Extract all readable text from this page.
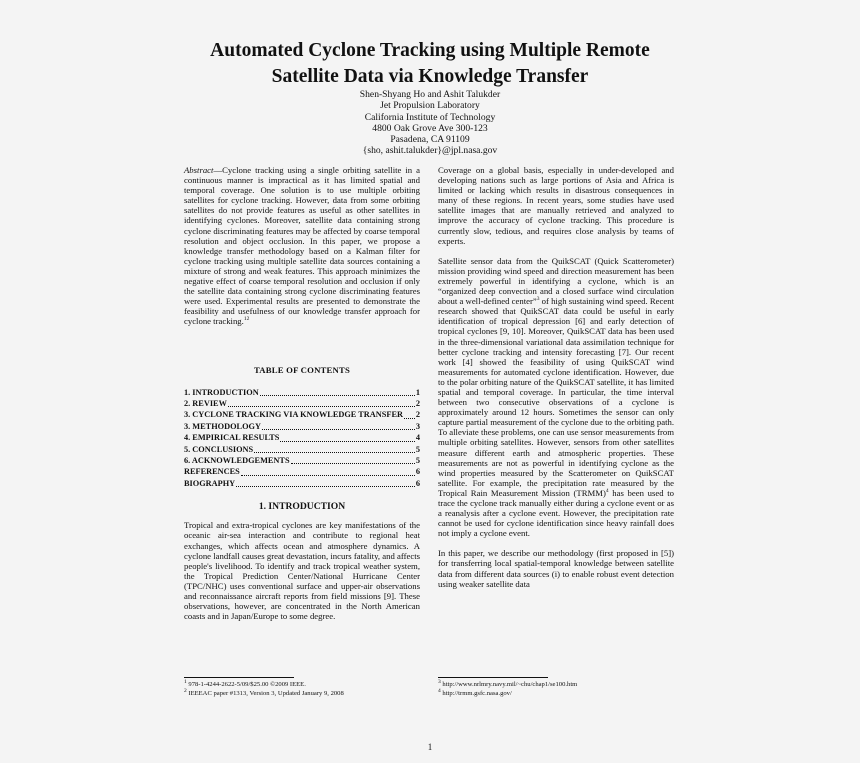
Automated Cyclone Tracking using Multiple Remote
Satellite Data via Knowledge Transfer
Shen-Shyang Ho and Ashit Talukder
Jet Propulsion Laboratory
California Institute of Technology
4800 Oak Grove Ave 300-123
Pasadena, CA 91109
{sho, ashit.talukder}@jpl.nasa.gov

Abstract—Cyclone tracking using a single orbiting satellite in a continuous manner is impractical as it has limited spatial and temporal coverage. One solution is to use multiple orbiting satellites for cyclone tracking. However, data from some orbiting satellites do not provide features as useful as other satellites in identifying cyclones. Moreover, satellite data containing strong cyclone discriminating features may be affected by coarse temporal resolution and object occlusion. In this paper, we propose a knowledge transfer methodology based on a Kalman filter for cyclone tracking using multiple satellite data sources containing a mixture of strong and weak features. This approach minimizes the negative effect of coarse temporal resolution and occlusion if only the satellite data containing strong cyclone discriminating features were used. Experimental results are presented to demonstrate the feasibility and usefulness of our knowledge transfer approach for cyclone tracking.$^{12}$

TABLE OF CONTENTS
1. INTRODUCTION	1
2. REVIEW	2
3. CYCLONE TRACKING VIA KNOWLEDGE TRANSFER 2
3. METHODOLOGY	3
4. EMPIRICAL RESULTS	4
5. CONCLUSIONS	5
6. ACKNOWLEDGEMENTS	5
REFERENCES	6
BIOGRAPHY	6
1. INTRODUCTION

Tropical and extra-tropical cyclones are key manifestations of the oceanic air-sea interaction and contribute to regional heat exchanges, which affects ocean and atmosphere dynamics. A cyclone landfall causes great devastation, incurs fatality, and affects people's livelihood. To identify and track tropical weather system, the Tropical Prediction Center/National Hurricane Center (TPC/NHC) uses conventional surface and upper-air observations and reconnaissance aircraft reports from field missions [9]. These observations, however, are concentrated in the North American coasts and in Japan/Europe to some degree.

Coverage on a global basis, especially in under-developed and developing nations such as large portions of Asia and Africa is limited or lacking which results in disastrous consequences in many of these regions. In recent years, some studies have used satellite images that are manually retrieved and analyzed to improve the accuracy of cyclone tracking. This procedure is currently slow, tedious, and requires close analysis by teams of experts.

Satellite sensor data from the QuikSCAT (Quick Scatterometer) mission providing wind speed and direction measurement has been extremely powerful in identifying a cyclone, which is an “organized deep convection and a closed surface wind circulation about a well-defined center”$^3$ of high sustaining wind speed. Recent research showed that QuikSCAT data could be useful in early identification of tropical depression [6] and early detection of tropical cyclones [9, 10]. Moreover, QuikSCAT data has been used in the three-dimensional variational data assimilation technique for better cyclone tracking and intensity forecasting [7]. Our recent work [4] showed the feasibility of using QuikSCAT wind measurements for automated cyclone identification. However, due to the polar orbiting nature of the QuikSCAT satellite, it has limited spatial and temporal coverage. In particular, the time interval between two consecutive observations of a cyclone is approximately around 12 hours. Sometimes the sensor can only capture partial measurement of the cyclone due to the orbiting path. To alleviate these problems, one can use sensor measurements from multiple orbiting satellites. However, sensors from other satellites measure different earth and atmospheric properties. These measurements are not as powerful in identifying cyclone as the wind properties measured by the Scatterometer on QuikSCAT satellite. For example, the precipitation rate measured by the Tropical Rain Measurement Mission (TRMM)$^4$ has been used to trace the cyclone track manually either during a cyclone event or as a reanalysis after a cyclone event. However, the precipitation rate cannot be used for cyclone identification since heavy rainfall does not imply a cyclone event.

In this paper, we describe our methodology (first proposed in [5]) for transferring local spatial-temporal knowledge between satellite data from different data sources (i) to enable robust event detection using weaker satellite data

$^1$ 978-1-4244-2622-5/09/$25.00 ©2009 IEEE.
$^2$ IEEEAC paper #1313, Version 3, Updated January 9, 2008
$^3$ http://www.nrlmry.navy.mil/~chu/chap1/se100.htm
$^4$ http://trmm.gsfc.nasa.gov/
1
